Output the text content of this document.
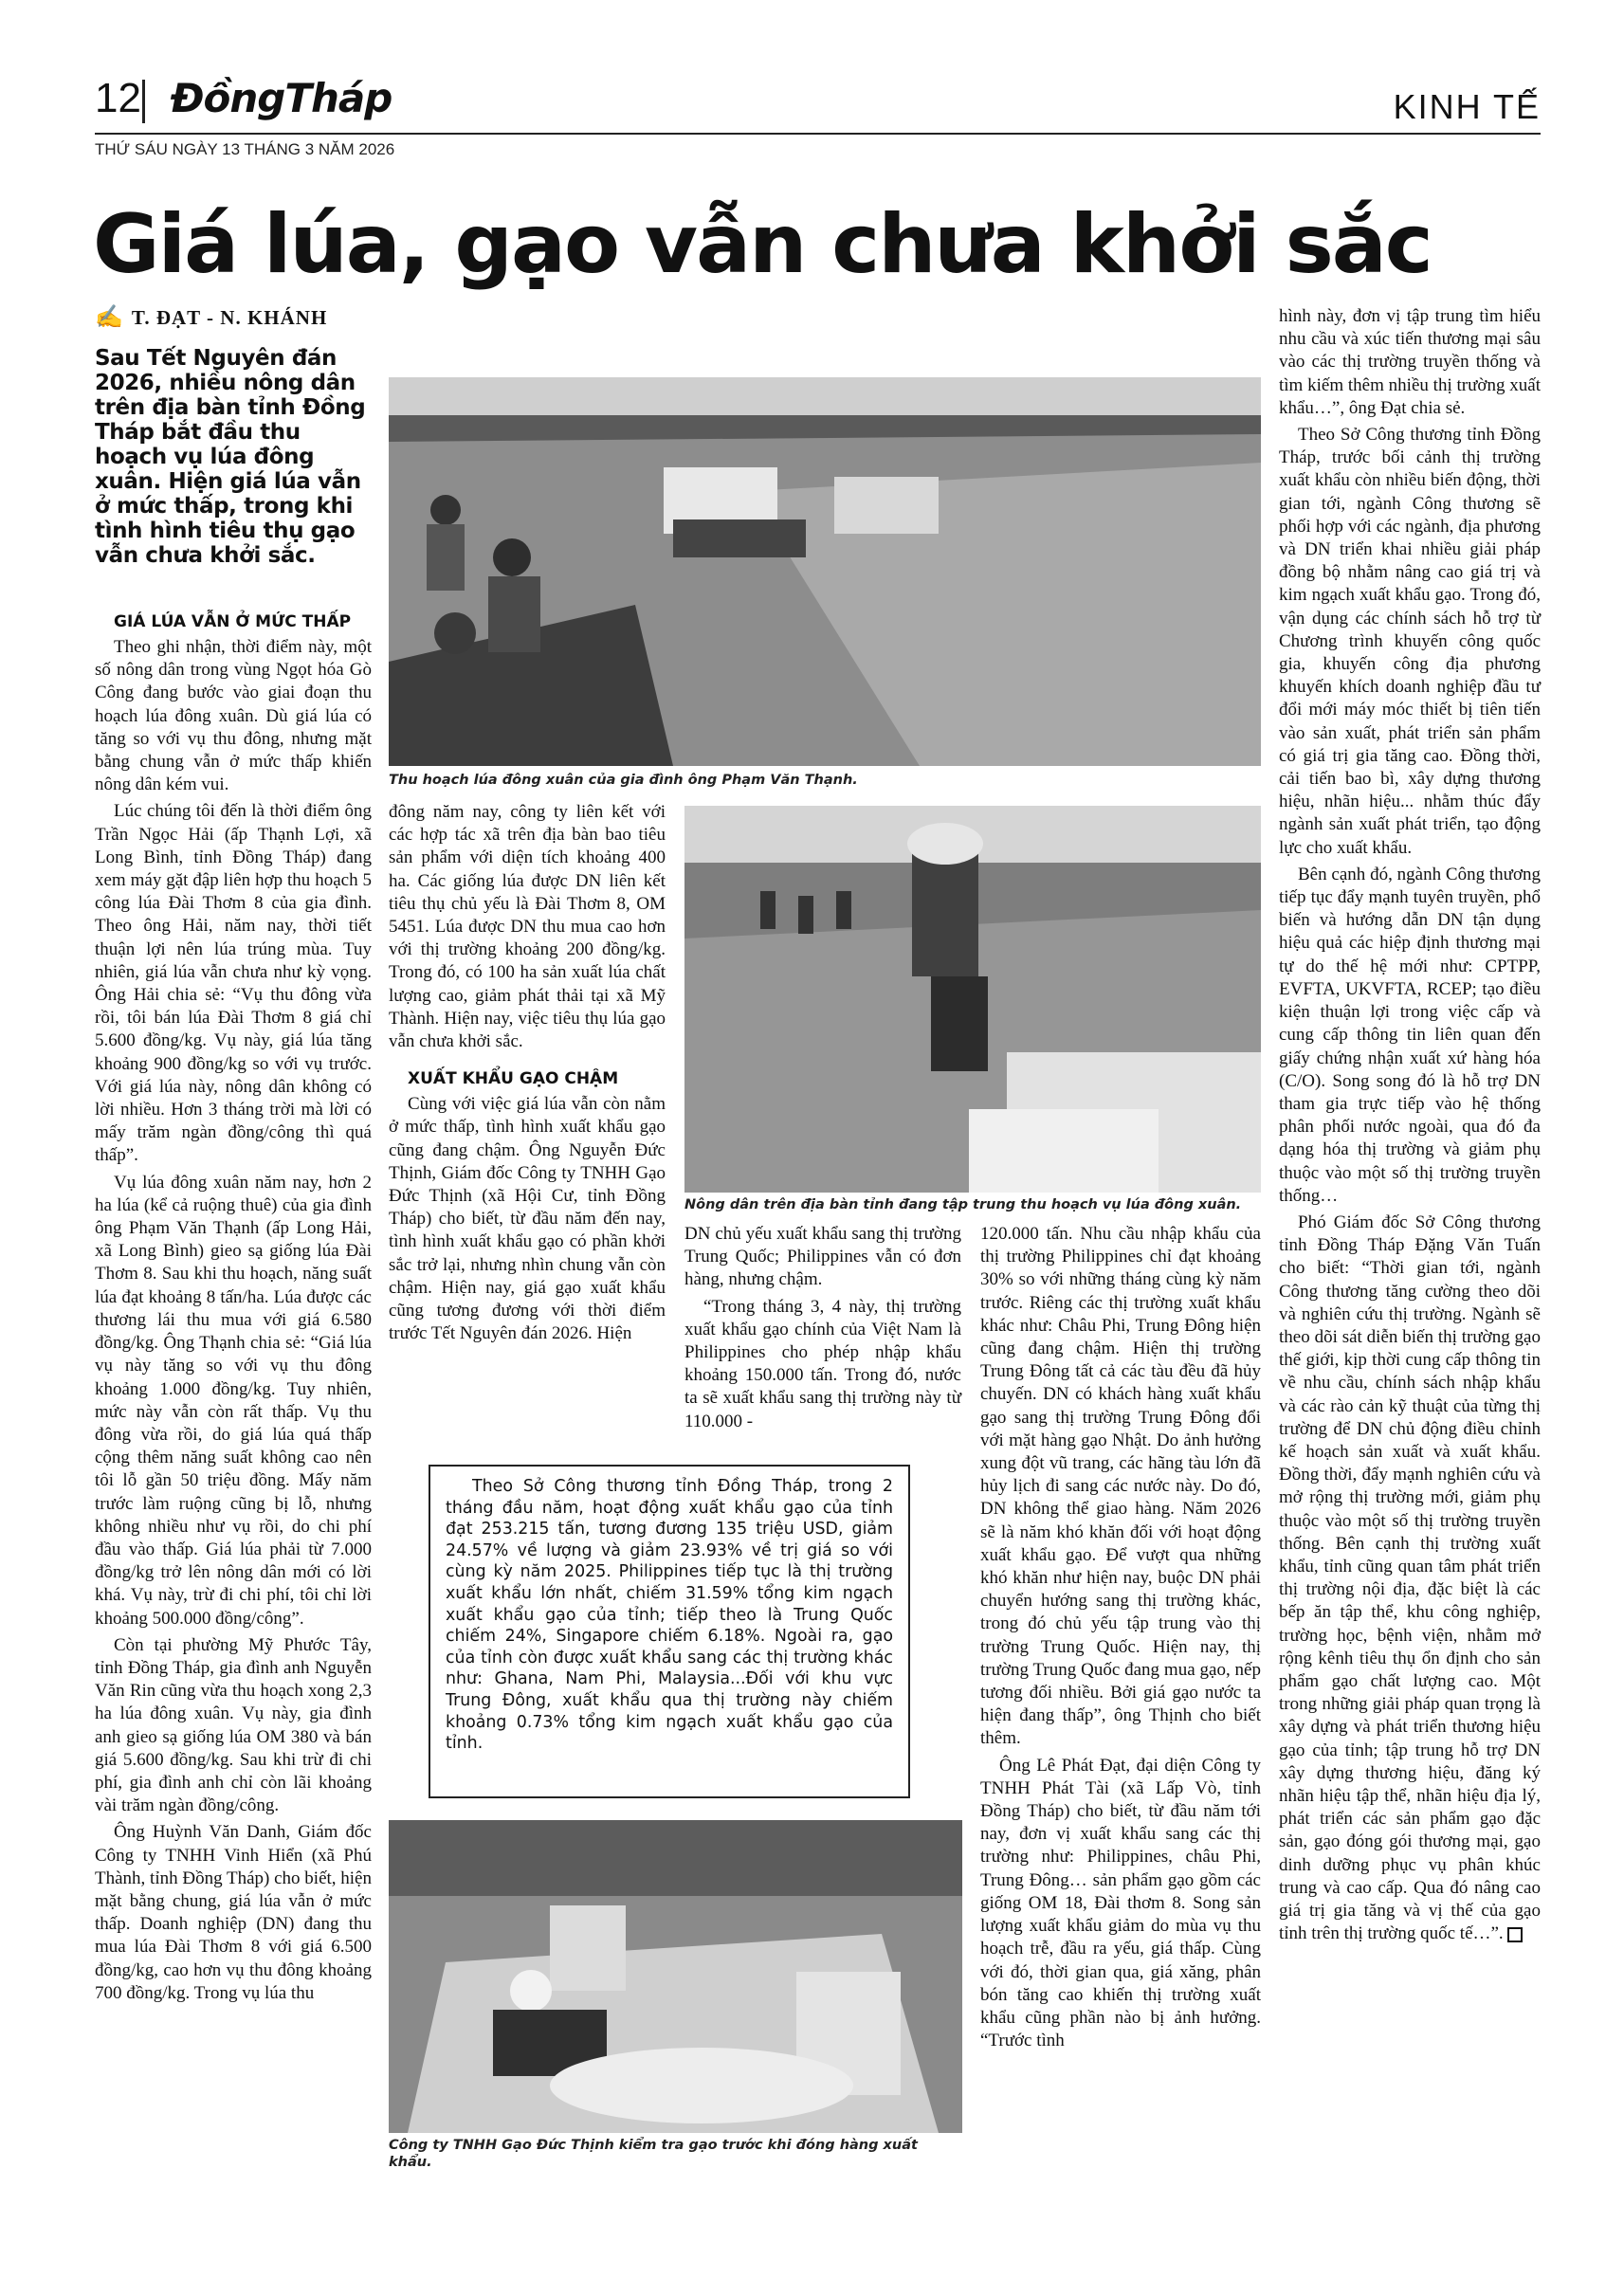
12 ĐồngTháp	KINH TẾ
THỨ SÁU NGÀY 13 THÁNG 3 NĂM 2026
Giá lúa, gạo vẫn chưa khởi sắc
✍ T. ĐẠT - N. KHÁNH
Sau Tết Nguyên đán 2026, nhiều nông dân trên địa bàn tỉnh Đồng Tháp bắt đầu thu hoạch vụ lúa đông xuân. Hiện giá lúa vẫn ở mức thấp, trong khi tình hình tiêu thụ gạo vẫn chưa khởi sắc.
GIÁ LÚA VẪN Ở MỨC THẤP

Theo ghi nhận, thời điểm này, một số nông dân trong vùng Ngọt hóa Gò Công đang bước vào giai đoạn thu hoạch lúa đông xuân. Dù giá lúa có tăng so với vụ thu đông, nhưng mặt bằng chung vẫn ở mức thấp khiến nông dân kém vui.

Lúc chúng tôi đến là thời điểm ông Trần Ngọc Hải (ấp Thạnh Lợi, xã Long Bình, tỉnh Đồng Tháp) đang xem máy gặt đập liên hợp thu hoạch 5 công lúa Đài Thơm 8 của gia đình. Theo ông Hải, năm nay, thời tiết thuận lợi nên lúa trúng mùa. Tuy nhiên, giá lúa vẫn chưa như kỳ vọng. Ông Hải chia sẻ: “Vụ thu đông vừa rồi, tôi bán lúa Đài Thơm 8 giá chỉ 5.600 đồng/kg. Vụ này, giá lúa tăng khoảng 900 đồng/kg so với vụ trước. Với giá lúa này, nông dân không có lời nhiều. Hơn 3 tháng trời mà lời có mấy trăm ngàn đồng/công thì quá thấp”.

Vụ lúa đông xuân năm nay, hơn 2 ha lúa (kể cả ruộng thuê) của gia đình ông Phạm Văn Thạnh (ấp Long Hải, xã Long Bình) gieo sạ giống lúa Đài Thơm 8. Sau khi thu hoạch, năng suất lúa đạt khoảng 8 tấn/ha. Lúa được các thương lái thu mua với giá 6.580 đồng/kg. Ông Thạnh chia sẻ: “Giá lúa vụ này tăng so với vụ thu đông khoảng 1.000 đồng/kg. Tuy nhiên, mức này vẫn còn rất thấp. Vụ thu đông vừa rồi, do giá lúa quá thấp cộng thêm năng suất không cao nên tôi lỗ gần 50 triệu đồng. Mấy năm trước làm ruộng cũng bị lỗ, nhưng không nhiều như vụ rồi, do chi phí đầu vào thấp. Giá lúa phải từ 7.000 đồng/kg trở lên nông dân mới có lời khá. Vụ này, trừ đi chi phí, tôi chỉ lời khoảng 500.000 đồng/công”.

Còn tại phường Mỹ Phước Tây, tỉnh Đồng Tháp, gia đình anh Nguyễn Văn Rin cũng vừa thu hoạch xong 2,3 ha lúa đông xuân. Vụ này, gia đình anh gieo sạ giống lúa OM 380 và bán giá 5.600 đồng/kg. Sau khi trừ đi chi phí, gia đình anh chỉ còn lãi khoảng vài trăm ngàn đồng/công.

Ông Huỳnh Văn Danh, Giám đốc Công ty TNHH Vinh Hiển (xã Phú Thành, tỉnh Đồng Tháp) cho biết, hiện mặt bằng chung, giá lúa vẫn ở mức thấp. Doanh nghiệp (DN) đang thu mua lúa Đài Thơm 8 với giá 6.500 đồng/kg, cao hơn vụ thu đông khoảng 700 đồng/kg. Trong vụ lúa thu

Thu hoạch lúa đông xuân của gia đình ông Phạm Văn Thạnh.

đông năm nay, công ty liên kết với các hợp tác xã trên địa bàn bao tiêu sản phẩm với diện tích khoảng 400 ha. Các giống lúa được DN liên kết tiêu thụ chủ yếu là Đài Thơm 8, OM 5451. Lúa được DN thu mua cao hơn với thị trường khoảng 200 đồng/kg. Trong đó, có 100 ha sản xuất lúa chất lượng cao, giảm phát thải tại xã Mỹ Thành. Hiện nay, việc tiêu thụ lúa gạo vẫn chưa khởi sắc.

XUẤT KHẨU GẠO CHẬM

Cùng với việc giá lúa vẫn còn nằm ở mức thấp, tình hình xuất khẩu gạo cũng đang chậm. Ông Nguyễn Đức Thịnh, Giám đốc Công ty TNHH Gạo Đức Thịnh (xã Hội Cư, tỉnh Đồng Tháp) cho biết, từ đầu năm đến nay, tình hình xuất khẩu gạo có phần khởi sắc trở lại, nhưng nhìn chung vẫn còn chậm. Hiện nay, giá gạo xuất khẩu cũng tương đương với thời điểm trước Tết Nguyên đán 2026. Hiện

Nông dân trên địa bàn tỉnh đang tập trung thu hoạch vụ lúa đông xuân.

DN chủ yếu xuất khẩu sang thị trường Trung Quốc; Philippines vẫn có đơn hàng, nhưng chậm.

“Trong tháng 3, 4 này, thị trường xuất khẩu gạo chính của Việt Nam là Philippines cho phép nhập khẩu khoảng 150.000 tấn. Trong đó, nước ta sẽ xuất khẩu sang thị trường này từ 110.000 -

Theo Sở Công thương tỉnh Đồng Tháp, trong 2 tháng đầu năm, hoạt động xuất khẩu gạo của tỉnh đạt 253.215 tấn, tương đương 135 triệu USD, giảm 24.57% về lượng và giảm 23.93% về trị giá so với cùng kỳ năm 2025. Philippines tiếp tục là thị trường xuất khẩu lớn nhất, chiếm 31.59% tổng kim ngạch xuất khẩu gạo của tỉnh; tiếp theo là Trung Quốc chiếm 24%, Singapore chiếm 6.18%. Ngoài ra, gạo của tỉnh còn được xuất khẩu sang các thị trường khác như: Ghana, Nam Phi, Malaysia...Đối với khu vực Trung Đông, xuất khẩu qua thị trường này chiếm khoảng 0.73% tổng kim ngạch xuất khẩu gạo của tỉnh.

Công ty TNHH Gạo Đức Thịnh kiểm tra gạo trước khi đóng hàng xuất khẩu.

120.000 tấn. Nhu cầu nhập khẩu của thị trường Philippines chỉ đạt khoảng 30% so với những tháng cùng kỳ năm trước. Riêng các thị trường xuất khẩu khác như: Châu Phi, Trung Đông hiện cũng đang chậm. Hiện thị trường Trung Đông tất cả các tàu đều đã hủy chuyến. DN có khách hàng xuất khẩu gạo sang thị trường Trung Đông đổi với mặt hàng gạo Nhật. Do ảnh hưởng xung đột vũ trang, các hãng tàu lớn đã hủy lịch đi sang các nước này. Do đó, DN không thể giao hàng. Năm 2026 sẽ là năm khó khăn đối với hoạt động xuất khẩu gạo. Để vượt qua những khó khăn như hiện nay, buộc DN phải chuyển hướng sang thị trường khác, trong đó chủ yếu tập trung vào thị trường Trung Quốc. Hiện nay, thị trường Trung Quốc đang mua gạo, nếp tương đối nhiều. Bởi giá gạo nước ta hiện đang thấp”, ông Thịnh cho biết thêm.

Ông Lê Phát Đạt, đại diện Công ty TNHH Phát Tài (xã Lấp Vò, tỉnh Đồng Tháp) cho biết, từ đầu năm tới nay, đơn vị xuất khẩu sang các thị trường như: Philippines, châu Phi, Trung Đông… sản phẩm gạo gồm các giống OM 18, Đài thơm 8. Song sản lượng xuất khẩu giảm do mùa vụ thu hoạch trễ, đầu ra yếu, giá thấp. Cùng với đó, thời gian qua, giá xăng, phân bón tăng cao khiến thị trường xuất khẩu cũng phần nào bị ảnh hưởng. “Trước tình

hình này, đơn vị tập trung tìm hiểu nhu cầu và xúc tiến thương mại sâu vào các thị trường truyền thống và tìm kiếm thêm nhiều thị trường xuất khẩu…”, ông Đạt chia sẻ.

Theo Sở Công thương tỉnh Đồng Tháp, trước bối cảnh thị trường xuất khẩu còn nhiều biến động, thời gian tới, ngành Công thương sẽ phối hợp với các ngành, địa phương và DN triển khai nhiều giải pháp đồng bộ nhằm nâng cao giá trị và kim ngạch xuất khẩu gạo. Trong đó, vận dụng các chính sách hỗ trợ từ Chương trình khuyến công quốc gia, khuyến công địa phương khuyến khích doanh nghiệp đầu tư đổi mới máy móc thiết bị tiên tiến vào sản xuất, phát triển sản phẩm có giá trị gia tăng cao. Đồng thời, cải tiến bao bì, xây dựng thương hiệu, nhãn hiệu... nhằm thúc đẩy ngành sản xuất phát triển, tạo động lực cho xuất khẩu.

Bên cạnh đó, ngành Công thương tiếp tục đẩy mạnh tuyên truyền, phổ biến và hướng dẫn DN tận dụng hiệu quả các hiệp định thương mại tự do thế hệ mới như: CPTPP, EVFTA, UKVFTA, RCEP; tạo điều kiện thuận lợi trong việc cấp và cung cấp thông tin liên quan đến giấy chứng nhận xuất xứ hàng hóa (C/O). Song song đó là hỗ trợ DN tham gia trực tiếp vào hệ thống phân phối nước ngoài, qua đó đa dạng hóa thị trường và giảm phụ thuộc vào một số thị trường truyền thống…

Phó Giám đốc Sở Công thương tỉnh Đồng Tháp Đặng Văn Tuấn cho biết: “Thời gian tới, ngành Công thương tăng cường theo dõi và nghiên cứu thị trường. Ngành sẽ theo dõi sát diễn biến thị trường gạo thế giới, kịp thời cung cấp thông tin về nhu cầu, chính sách nhập khẩu và các rào cản kỹ thuật của từng thị trường để DN chủ động điều chỉnh kế hoạch sản xuất và xuất khẩu. Đồng thời, đẩy mạnh nghiên cứu và mở rộng thị trường mới, giảm phụ thuộc vào một số thị trường truyền thống. Bên cạnh thị trường xuất khẩu, tỉnh cũng quan tâm phát triển thị trường nội địa, đặc biệt là các bếp ăn tập thể, khu công nghiệp, trường học, bệnh viện, nhằm mở rộng kênh tiêu thụ ổn định cho sản phẩm gạo chất lượng cao. Một trong những giải pháp quan trọng là xây dựng và phát triển thương hiệu gạo của tỉnh; tập trung hỗ trợ DN xây dựng thương hiệu, đăng ký nhãn hiệu tập thể, nhãn hiệu địa lý, phát triển các sản phẩm gạo đặc sản, gạo đóng gói thương mại, gạo dinh dưỡng phục vụ phân khúc trung và cao cấp. Qua đó nâng cao giá trị gia tăng và vị thế của gạo tỉnh trên thị trường quốc tế…”.
